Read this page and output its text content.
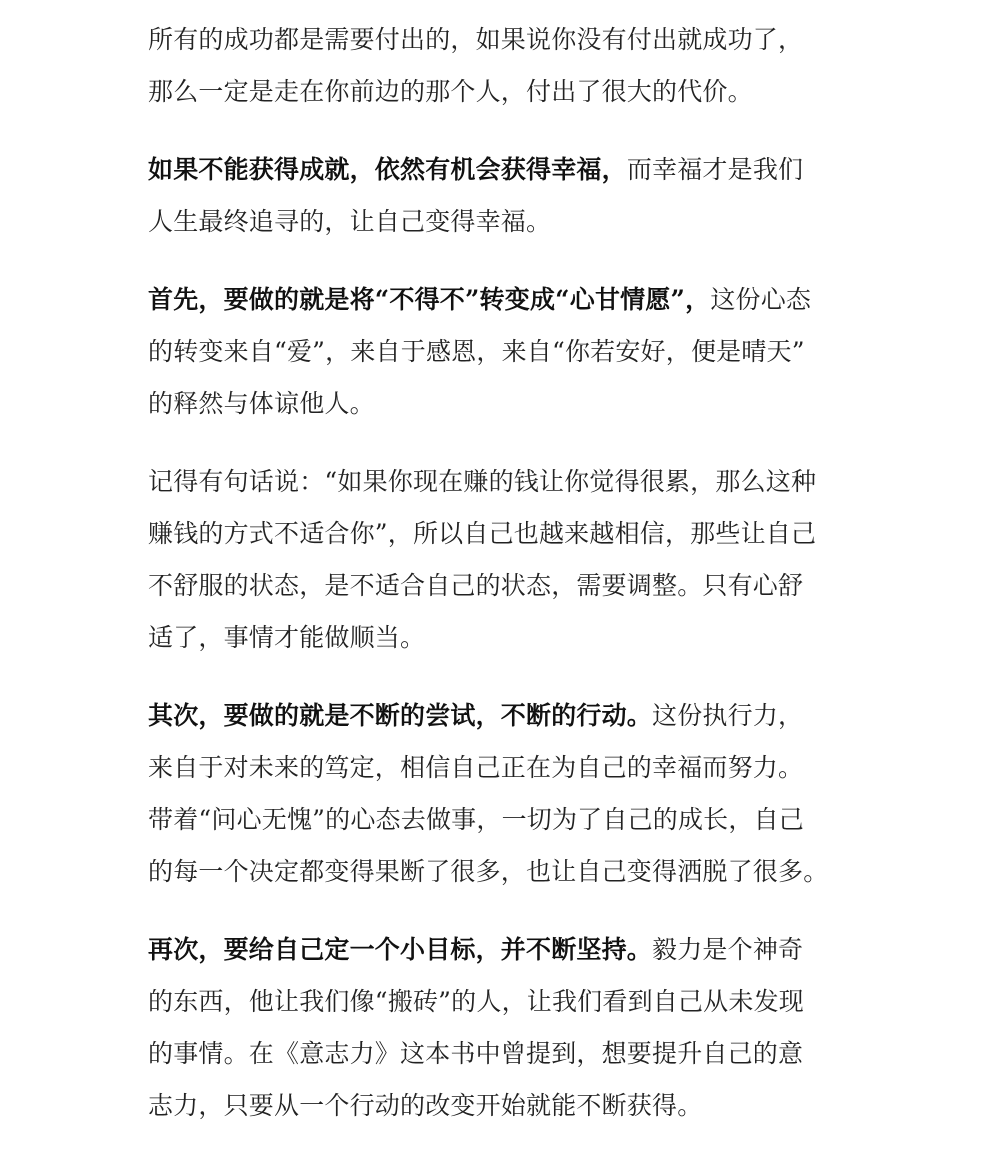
所有的成功都是需要付出的，如果说你没有付出就成功了，
那么一定是走在你前边的那个人，付出了很大的代价。
如果不能获得成就，依然有机会获得幸福，而幸福才是我们
人生最终追寻的，让自己变得幸福。
首先，要做的就是将“不得不”转变成“心甘情愿”，这份心态
的转变来自“爱”，来自于感恩，来自“你若安好，便是晴天”
的释然与体谅他人。
记得有句话说：“如果你现在赚的钱让你觉得很累，那么这种
赚钱的方式不适合你”，所以自己也越来越相信，那些让自己
不舒服的状态，是不适合自己的状态，需要调整。只有心舒
适了，事情才能做顺当。
其次，要做的就是不断的尝试，不断的行动。这份执行力，
来自于对未来的笃定，相信自己正在为自己的幸福而努力。
带着“问心无愧”的心态去做事，一切为了自己的成长，自己
的每一个决定都变得果断了很多，也让自己变得洒脱了很多。
再次，要给自己定一个小目标，并不断坚持。毅力是个神奇
的东西，他让我们像“搬砖”的人，让我们看到自己从未发现
的事情。在《意志力》这本书中曾提到，想要提升自己的意
志力，只要从一个行动的改变开始就能不断获得。
